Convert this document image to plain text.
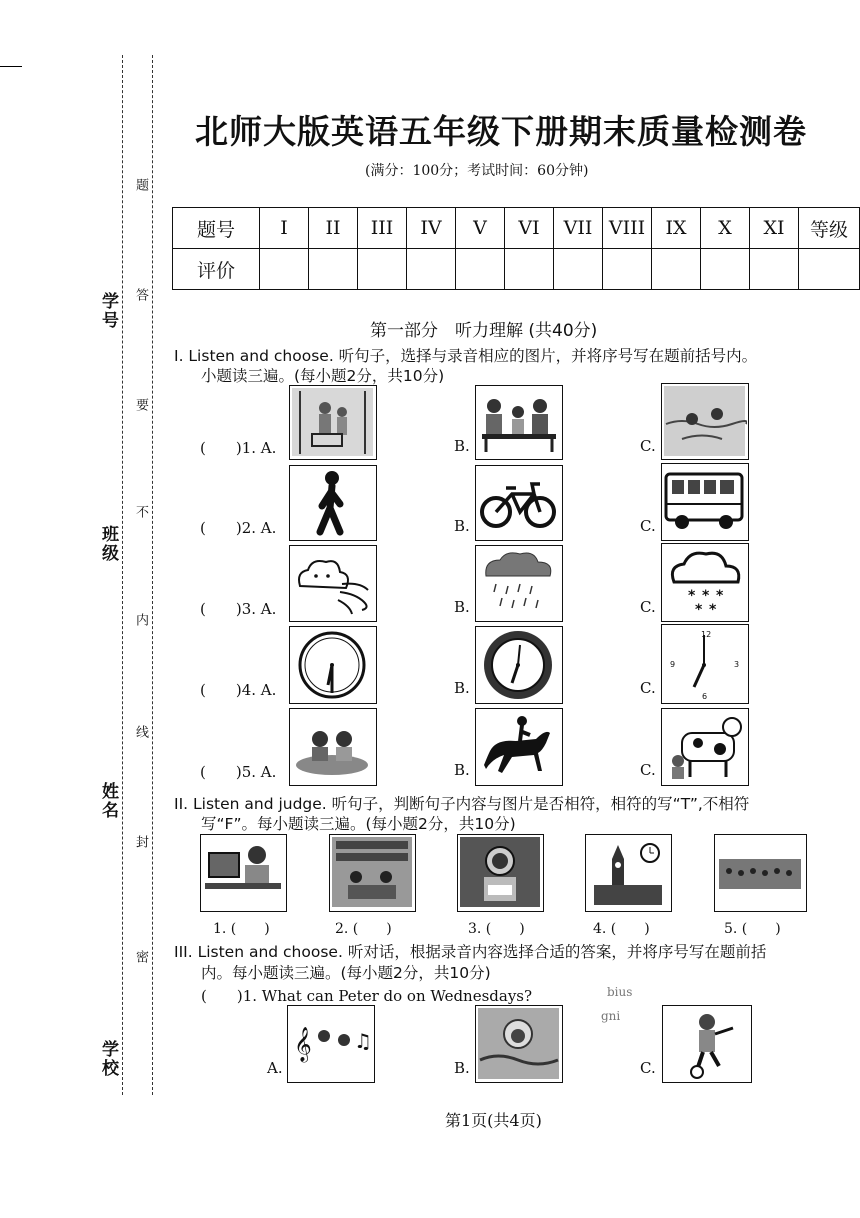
学号
班级
姓名
学校
题
答
要
不
内
线
封
密
北师大版英语五年级下册期末质量检测卷
(满分：100分；考试时间：60分钟)
题号	I	II	III	IV	V	VI	VII	VIII	IX	X	XI	等级
评价												
第一部分　听力理解 (共40分)
I. Listen and choose. 听句子，选择与录音相应的图片，并将序号写在题前括号内。
小题读三遍。(每小题2分，共10分)
(　　)1. A.	B.	C.
(　　)2. A.	B.	C.
(　　)3. A.	B.	C.
* * *
* *
(　　)4. A.	B.	C.
12
3
6
9
(　　)5. A.	B.	C.
II. Listen and judge. 听句子，判断句子内容与图片是否相符，相符的写“T”,不相符
写“F”。每小题读三遍。(每小题2分，共10分)
1. (　　)	2. (　　)	3. (　　)	4. (　　)	5. (　　)
III. Listen and choose. 听对话，根据录音内容选择合适的答案，并将序号写在题前括
内。每小题读三遍。(每小题2分，共10分)
(　　)1. What can Peter do on Wednesdays?
A.
𝄞 ♫
B.
bius
gni
C.
第1页(共4页)
